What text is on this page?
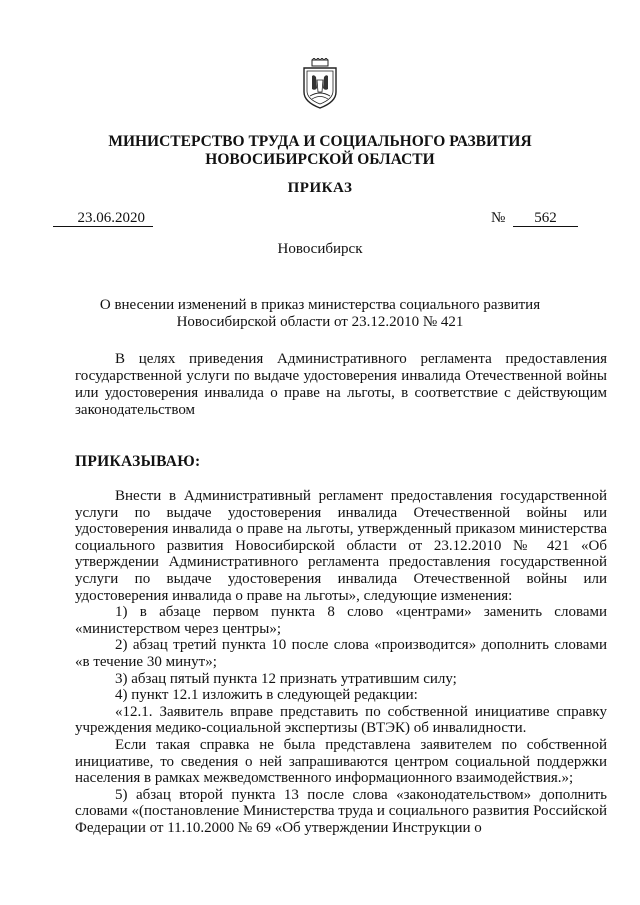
МИНИСТЕРСТВО ТРУДА И СОЦИАЛЬНОГО РАЗВИТИЯ
НОВОСИБИРСКОЙ ОБЛАСТИ
ПРИКАЗ
23.06.2020	№	562
Новосибирск
О внесении изменений в приказ министерства социального развития
Новосибирской области от 23.12.2010 № 421
В целях приведения Административного регламента предоставления государственной услуги по выдаче удостоверения инвалида Отечественной войны или удостоверения инвалида о праве на льготы, в соответствие с действующим законодательством
ПРИКАЗЫВАЮ:

Внести в Административный регламент предоставления государственной услуги по выдаче удостоверения инвалида Отечественной войны или удостоверения инвалида о праве на льготы, утвержденный приказом министерства социального развития Новосибирской области от 23.12.2010 № 421 «Об утверждении Административного регламента предоставления государственной услуги по выдаче удостоверения инвалида Отечественной войны или удостоверения инвалида о праве на льготы», следующие изменения:

1) в абзаце первом пункта 8 слово «центрами» заменить словами «министерством через центры»;

2) абзац третий пункта 10 после слова «производится» дополнить словами «в течение 30 минут»;

3) абзац пятый пункта 12 признать утратившим силу;

4) пункт 12.1 изложить в следующей редакции:

«12.1. Заявитель вправе представить по собственной инициативе справку учреждения медико-социальной экспертизы (ВТЭК) об инвалидности.

Если такая справка не была представлена заявителем по собственной инициативе, то сведения о ней запрашиваются центром социальной поддержки населения в рамках межведомственного информационного взаимодействия.»;

5) абзац второй пункта 13 после слова «законодательством» дополнить словами «(постановление Министерства труда и социального развития Российской Федерации от 11.10.2000 № 69 «Об утверждении Инструкции о
